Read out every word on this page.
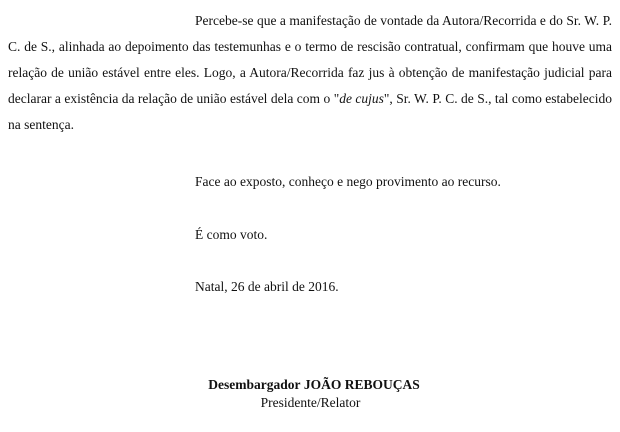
Percebe-se que a manifestação de vontade da Autora/Recorrida e do Sr. W. P. C. de S., alinhada ao depoimento das testemunhas e o termo de rescisão contratual, confirmam que houve uma relação de união estável entre eles. Logo, a Autora/Recorrida faz jus à obtenção de manifestação judicial para declarar a existência da relação de união estável dela com o "de cujus", Sr. W. P. C. de S., tal como estabelecido na sentença.

Face ao exposto, conheço e nego provimento ao recurso.

É como voto.

Natal, 26 de abril de 2016.

Desembargador JOÃO REBOUÇAS
Presidente/Relator
